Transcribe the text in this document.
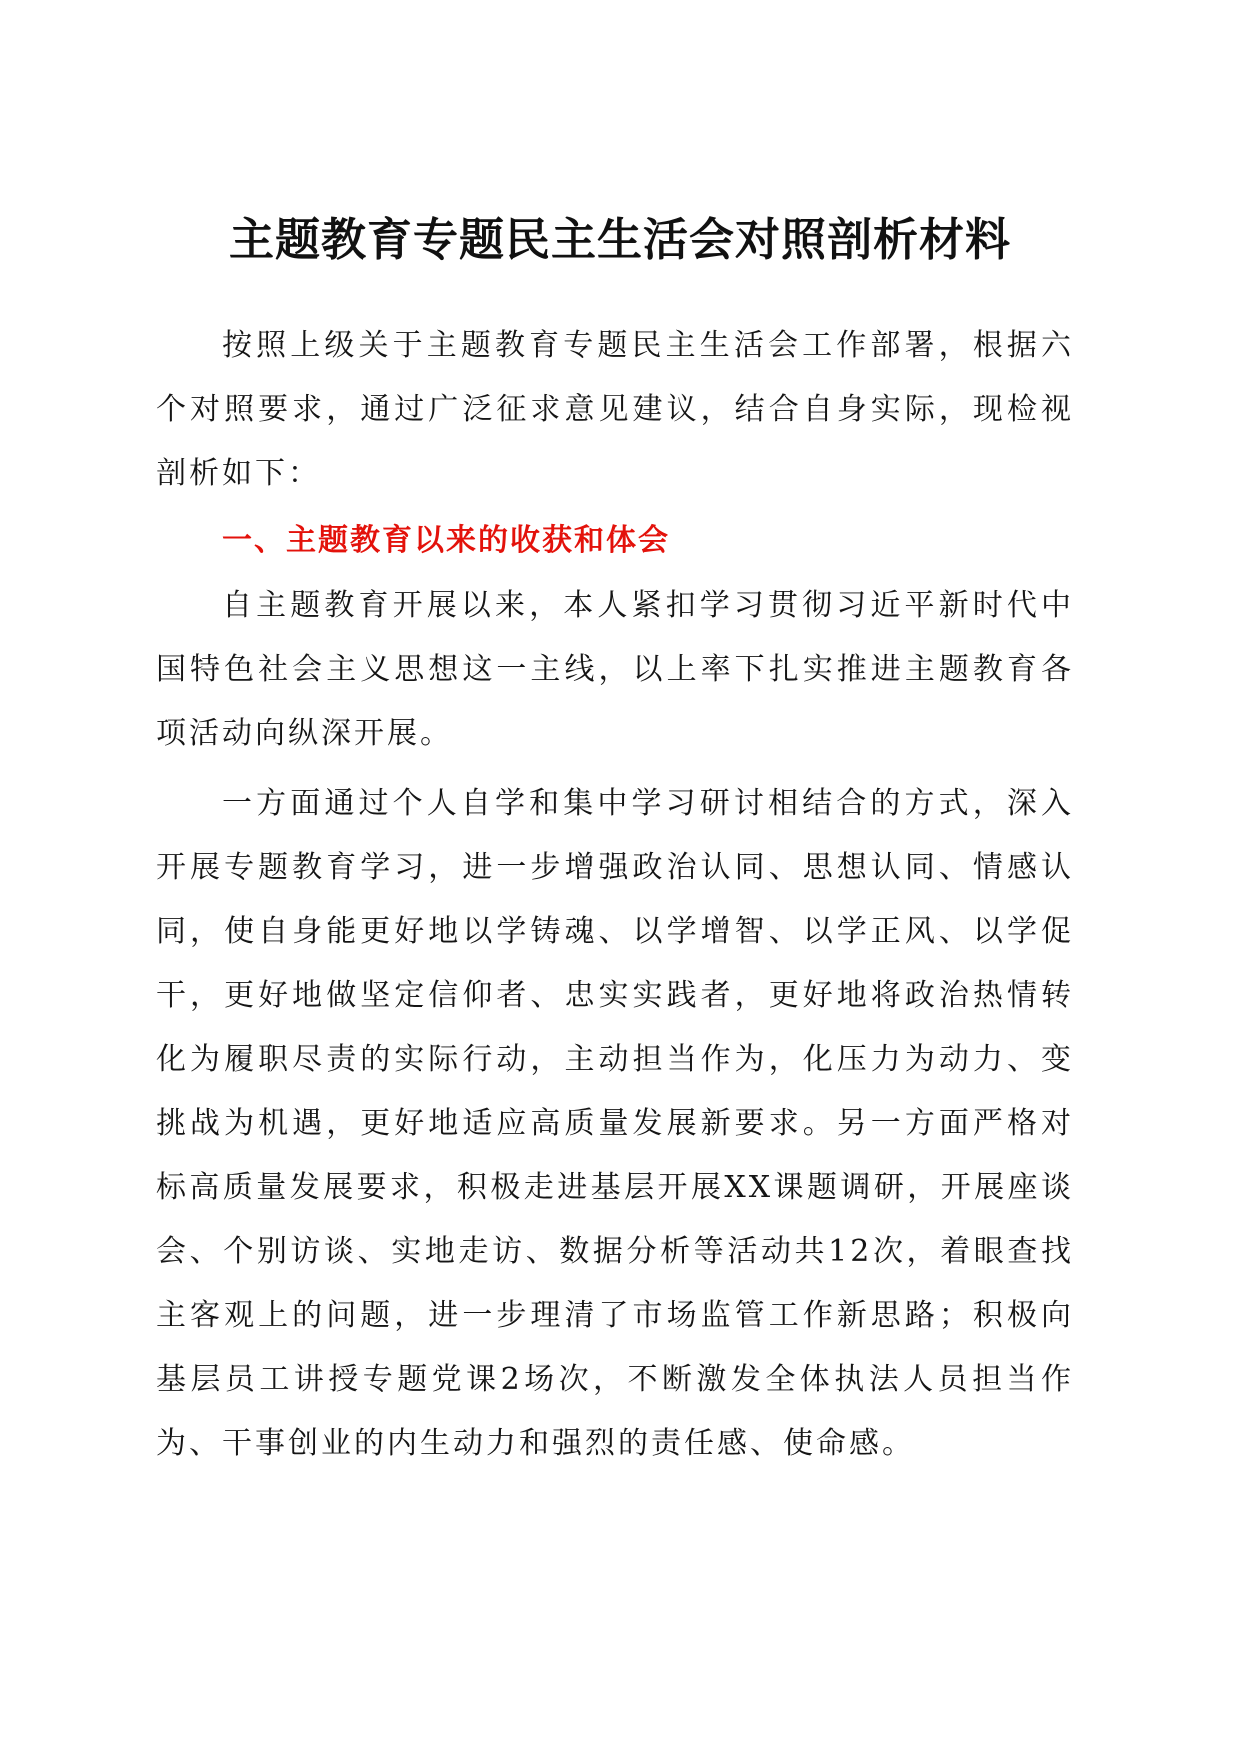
主题教育专题民主生活会对照剖析材料

按照上级关于主题教育专题民主生活会工作部署，根据六个对照要求，通过广泛征求意见建议，结合自身实际，现检视剖析如下：

一、主题教育以来的收获和体会

自主题教育开展以来，本人紧扣学习贯彻习近平新时代中国特色社会主义思想这一主线，以上率下扎实推进主题教育各项活动向纵深开展。

一方面通过个人自学和集中学习研讨相结合的方式，深入开展专题教育学习，进一步增强政治认同、思想认同、情感认同，使自身能更好地以学铸魂、以学增智、以学正风、以学促干，更好地做坚定信仰者、忠实实践者，更好地将政治热情转化为履职尽责的实际行动，主动担当作为，化压力为动力、变挑战为机遇，更好地适应高质量发展新要求。另一方面严格对标高质量发展要求，积极走进基层开展XX课题调研，开展座谈会、个别访谈、实地走访、数据分析等活动共12次，着眼查找主客观上的问题，进一步理清了市场监管工作新思路；积极向基层员工讲授专题党课2场次，不断激发全体执法人员担当作为、干事创业的内生动力和强烈的责任感、使命感。
